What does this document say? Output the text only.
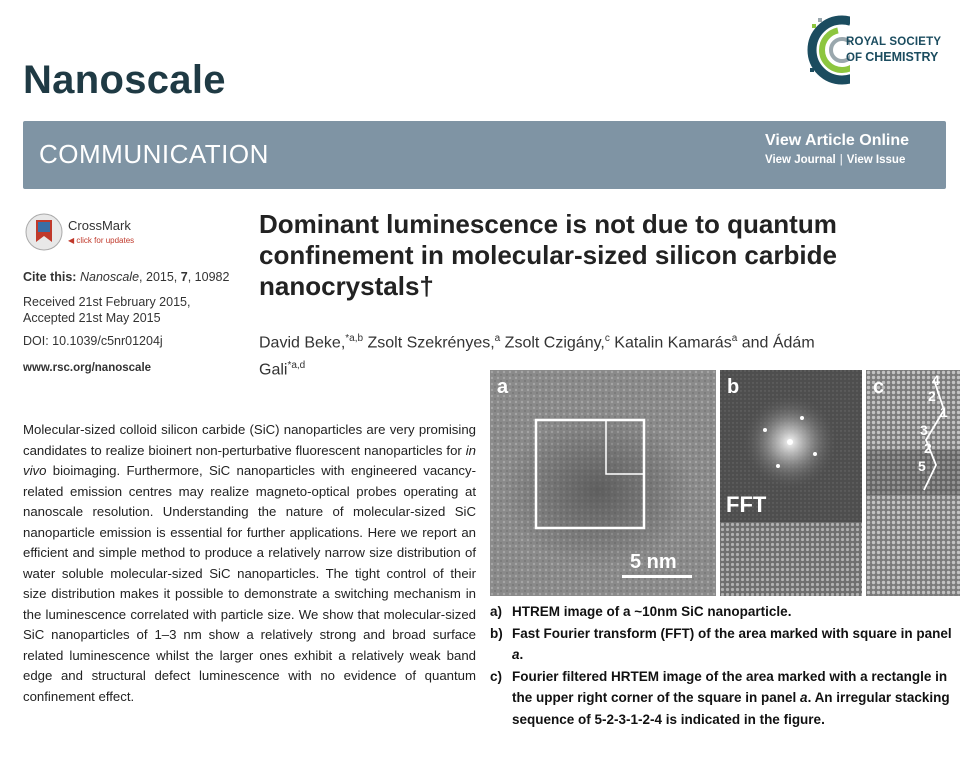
Nanoscale
ROYAL SOCIETY
OF CHEMISTRY
COMMUNICATION	View Article Online
View Journal | View Issue
CrossMark
◀ click for updates
Cite this: Nanoscale, 2015, 7, 10982
Received 21st February 2015,
Accepted 21st May 2015
DOI: 10.1039/c5nr01204j
www.rsc.org/nanoscale
Dominant luminescence is not due to quantum confinement in molecular-sized silicon carbide nanocrystals†
David Beke,$^{*a,b}$ Zsolt Szekrényes,$^a$ Zsolt Czigány,$^c$ Katalin Kamarás$^a$ and Ádám Gali$^{*a,d}$
Molecular-sized colloid silicon carbide (SiC) nanoparticles are very promising candidates to realize bioinert non-perturbative fluorescent nanoparticles for in vivo bioimaging. Furthermore, SiC nanoparticles with engineered vacancy-related emission centres may realize magneto-optical probes operating at nanoscale resolution. Understanding the nature of molecular-sized SiC nanoparticle emission is essential for further applications. Here we report an efficient and simple method to produce a relatively narrow size distribution of water soluble molecular-sized SiC nanoparticles. The tight control of their size distribution makes it possible to demonstrate a switching mechanism in the luminescence correlated with particle size. We show that molecular-sized SiC nanoparticles of 1–3 nm show a relatively strong and broad surface related luminescence whilst the larger ones exhibit a relatively weak band edge and structural defect luminescence with no evidence of quantum confinement effect.
a
5 nm
b
FFT
c	4
2
1
3
2
5
a) HTREM image of a ~10nm SiC nanoparticle.
b) Fast Fourier transform (FFT) of the area marked with square in panel a.
c) Fourier filtered HRTEM image of the area marked with a rectangle in the upper right corner of the square in panel a. An irregular stacking sequence of 5-2-3-1-2-4 is indicated in the figure.
